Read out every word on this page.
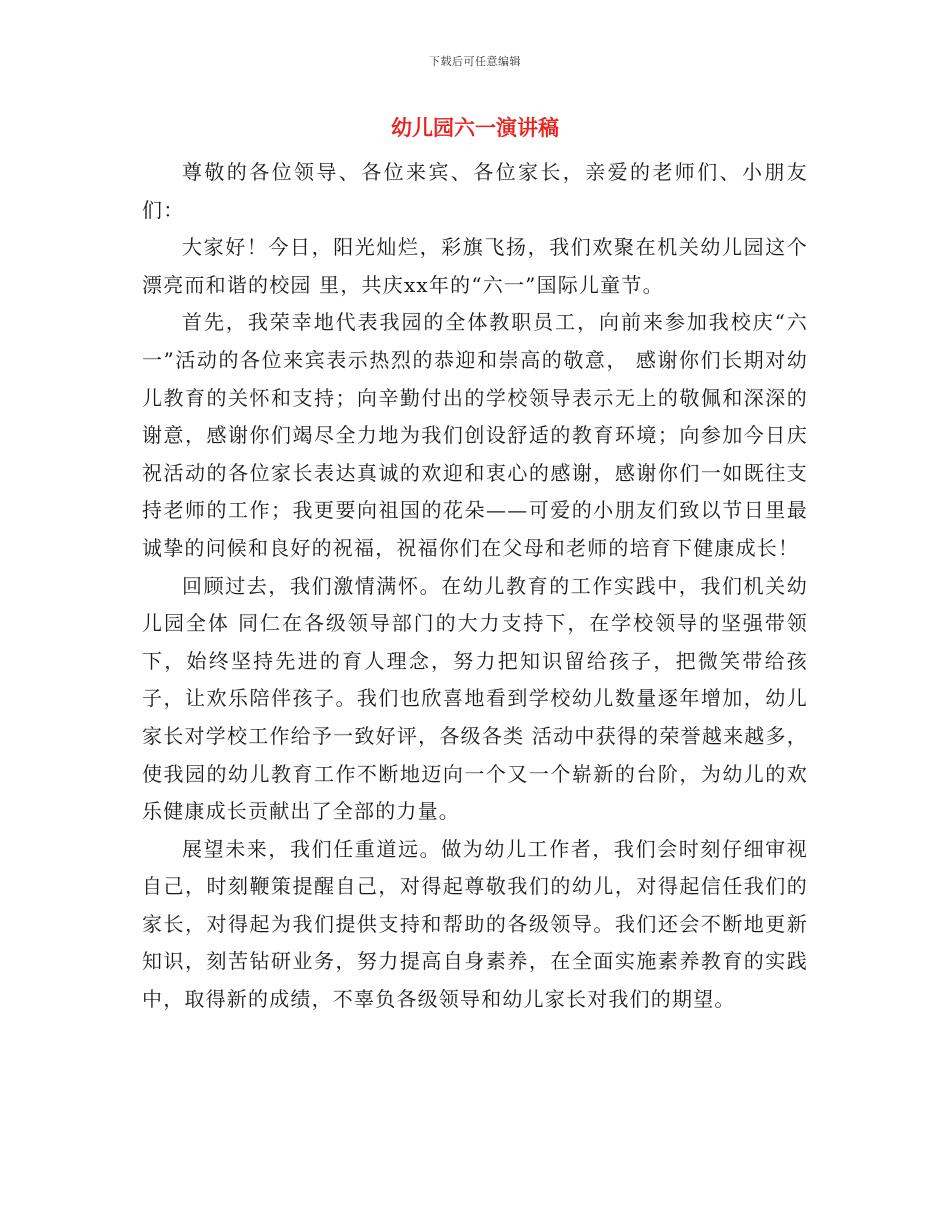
下载后可任意编辑
幼儿园六一演讲稿

尊敬的各位领导、各位来宾、各位家长，亲爱的老师们、小朋友们：

大家好！今日，阳光灿烂，彩旗飞扬，我们欢聚在机关幼儿园这个漂亮而和谐的校园 里，共庆xx年的“六一”国际儿童节。

首先，我荣幸地代表我园的全体教职员工，向前来参加我校庆“六一”活动的各位来宾表示热烈的恭迎和崇高的敬意， 感谢你们长期对幼儿教育的关怀和支持；向辛勤付出的学校领导表示无上的敬佩和深深的谢意，感谢你们竭尽全力地为我们创设舒适的教育环境；向参加今日庆 祝活动的各位家长表达真诚的欢迎和衷心的感谢，感谢你们一如既往支持老师的工作；我更要向祖国的花朵——可爱的小朋友们致以节日里最诚挚的问候和良好的祝福，祝福你们在父母和老师的培育下健康成长！

回顾过去，我们激情满怀。在幼儿教育的工作实践中，我们机关幼儿园全体 同仁在各级领导部门的大力支持下，在学校领导的坚强带领下，始终坚持先进的育人理念，努力把知识留给孩子，把微笑带给孩子，让欢乐陪伴孩子。我们也欣喜地看到学校幼儿数量逐年增加，幼儿家长对学校工作给予一致好评，各级各类 活动中获得的荣誉越来越多，使我园的幼儿教育工作不断地迈向一个又一个崭新的台阶，为幼儿的欢乐健康成长贡献出了全部的力量。

展望未来，我们任重道远。做为幼儿工作者，我们会时刻仔细审视自己，时刻鞭策提醒自己，对得起尊敬我们的幼儿，对得起信任我们的家长，对得起为我们提供支持和帮助的各级领导。我们还会不断地更新知识，刻苦钻研业务，努力提高自身素养，在全面实施素养教育的实践中，取得新的成绩，不辜负各级领导和幼儿家长对我们的期望。
